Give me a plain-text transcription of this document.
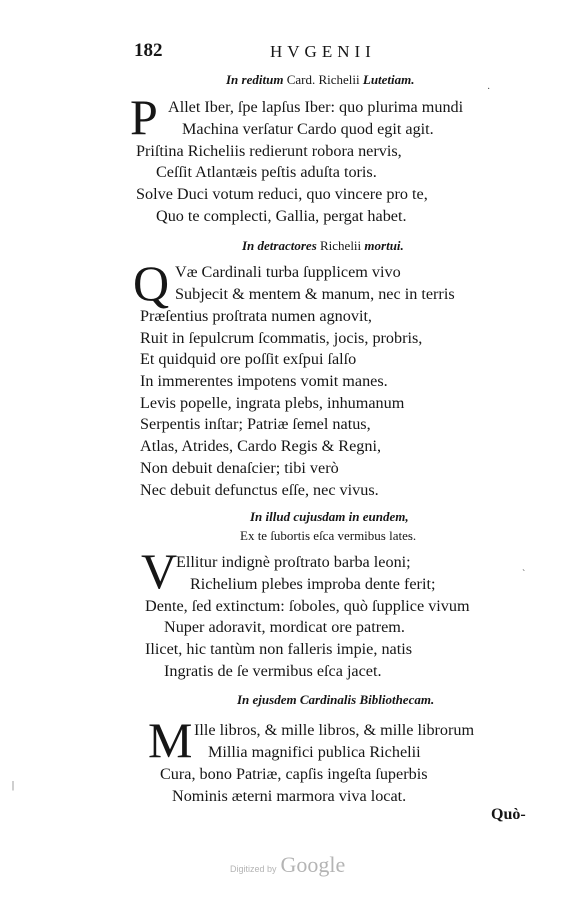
182	HVGENII
In reditum Card. Richelii Lutetiam.
P Allet Iber, ſpe lapſus Iber: quo plurima mundi
Machina verſatur Cardo quod egit agit.
Priſtina Richeliis redierunt robora nervis,
Ceſſit Atlantæis peſtis aduſta toris.
Solve Duci votum reduci, quo vincere pro te,
Quo te complecti, Gallia, pergat habet.
In detractores Richelii mortui.
Q Væ Cardinali turba ſupplicem vivo
Subjecit & mentem & manum, nec in terris
Præſentius proſtrata numen agnovit,
Ruit in ſepulcrum ſcommatis, jocis, probris,
Et quidquid ore poſſit exſpui ſalſo
In immerentes impotens vomit manes.
Levis popelle, ingrata plebs, inhumanum
Serpentis inſtar; Patriæ ſemel natus,
Atlas, Atrides, Cardo Regis & Regni,
Non debuit denaſcier; tibi verò
Nec debuit defunctus eſſe, nec vivus.
In illud cujusdam in eundem,
Ex te ſubortis eſca vermibus lates.
V
Ellitur indignè proſtrato barba leoni;
Richelium plebes improba dente ferit;
Dente, ſed extinctum: ſoboles, quò ſupplice vivum
Nuper adoravit, mordicat ore patrem.
Ilicet, hic tantùm non falleris impie, natis
Ingratis de ſe vermibus eſca jacet.
In ejusdem Cardinalis Bibliothecam.
M Ille libros, & mille libros, & mille librorum
Millia magnifici publica Richelii
Cura, bono Patriæ, capſis ingeſta ſuperbis
Nominis æterni marmora viva locat.
Quò-
Digitized by Google
·
ˋ
|
